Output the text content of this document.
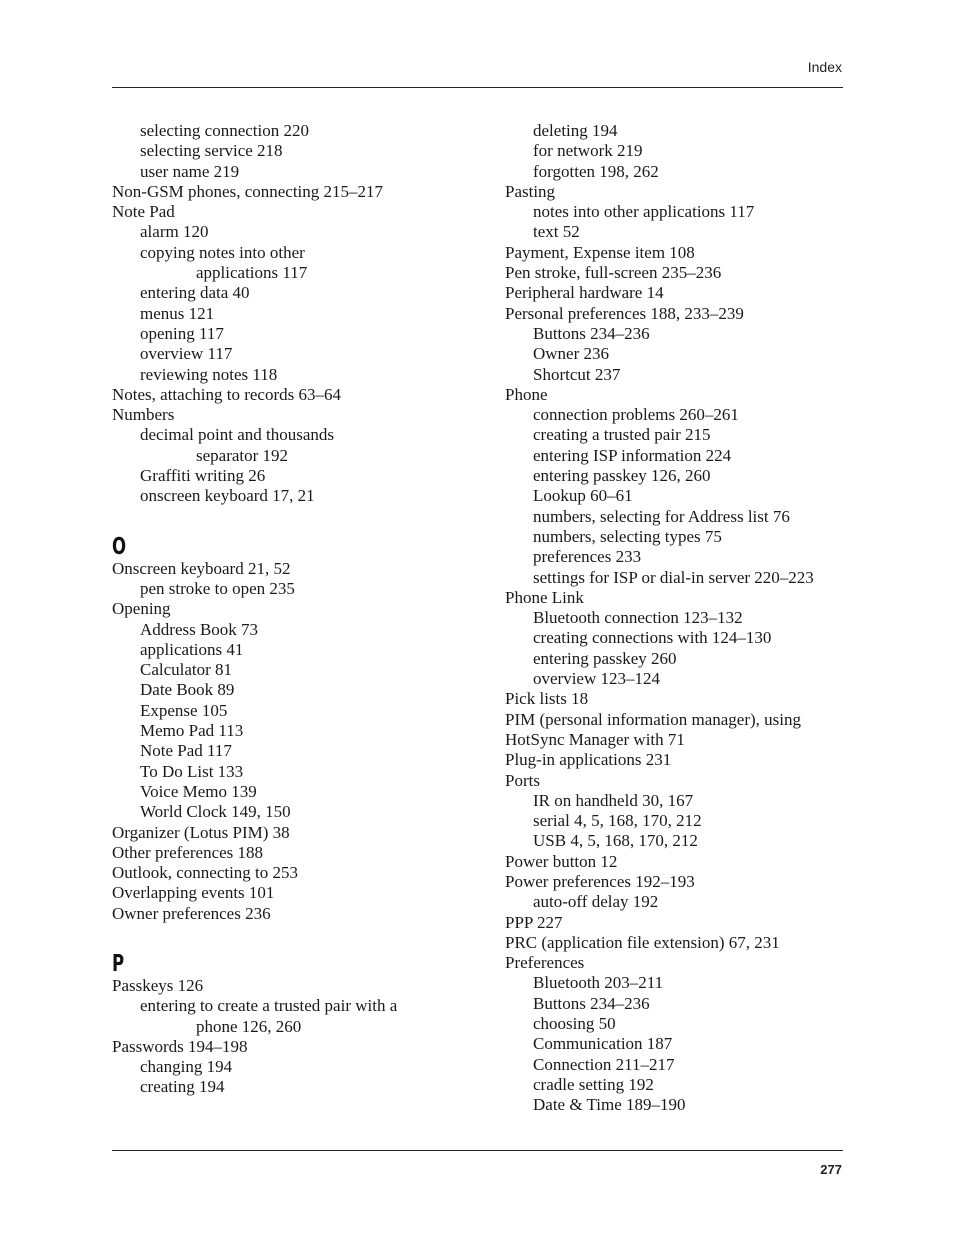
Index
selecting connection 220
selecting service 218
user name 219
Non-GSM phones, connecting 215–217
Note Pad
alarm 120
copying notes into other
applications 117
entering data 40
menus 121
opening 117
overview 117
reviewing notes 118
Notes, attaching to records 63–64
Numbers
decimal point and thousands
separator 192
Graffiti writing 26
onscreen keyboard 17, 21
O
Onscreen keyboard 21, 52
pen stroke to open 235
Opening
Address Book 73
applications 41
Calculator 81
Date Book 89
Expense 105
Memo Pad 113
Note Pad 117
To Do List 133
Voice Memo 139
World Clock 149, 150
Organizer (Lotus PIM) 38
Other preferences 188
Outlook, connecting to 253
Overlapping events 101
Owner preferences 236
P
Passkeys 126
entering to create a trusted pair with a
phone 126, 260
Passwords 194–198
changing 194
creating 194
deleting 194
for network 219
forgotten 198, 262
Pasting
notes into other applications 117
text 52
Payment, Expense item 108
Pen stroke, full-screen 235–236
Peripheral hardware 14
Personal preferences 188, 233–239
Buttons 234–236
Owner 236
Shortcut 237
Phone
connection problems 260–261
creating a trusted pair 215
entering ISP information 224
entering passkey 126, 260
Lookup 60–61
numbers, selecting for Address list 76
numbers, selecting types 75
preferences 233
settings for ISP or dial-in server 220–223
Phone Link
Bluetooth connection 123–132
creating connections with 124–130
entering passkey 260
overview 123–124
Pick lists 18
PIM (personal information manager), using
HotSync Manager with 71
Plug-in applications 231
Ports
IR on handheld 30, 167
serial 4, 5, 168, 170, 212
USB 4, 5, 168, 170, 212
Power button 12
Power preferences 192–193
auto-off delay 192
PPP 227
PRC (application file extension) 67, 231
Preferences
Bluetooth 203–211
Buttons 234–236
choosing 50
Communication 187
Connection 211–217
cradle setting 192
Date & Time 189–190
277
